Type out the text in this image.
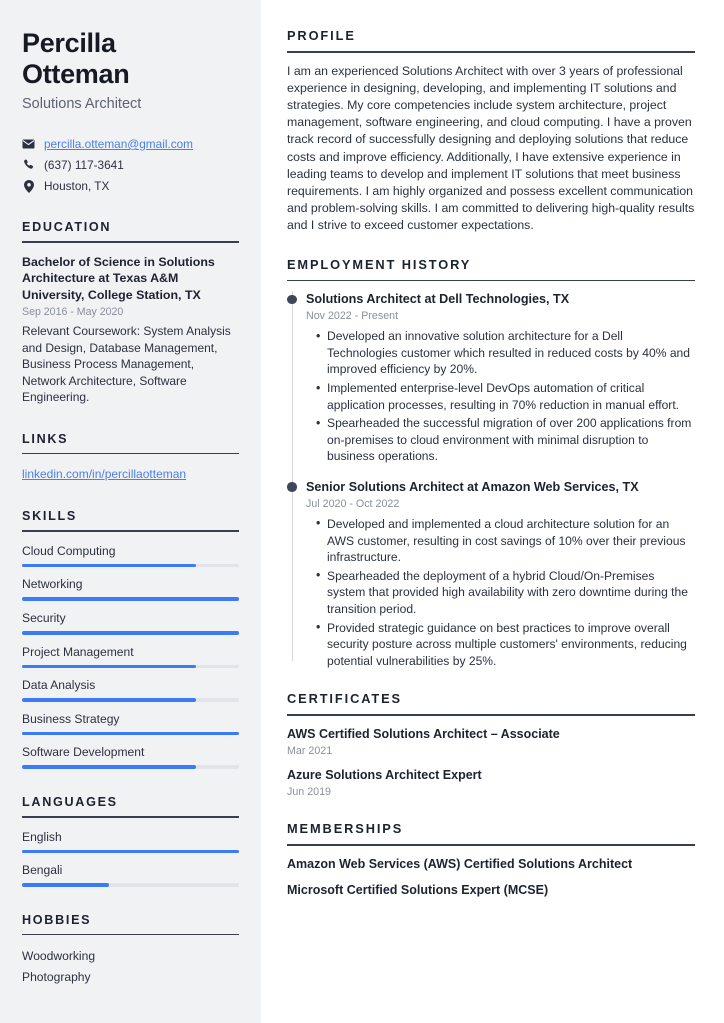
Percilla
Otteman
Solutions Architect
percilla.otteman@gmail.com
(637) 117-3641
Houston, TX
EDUCATION
Bachelor of Science in Solutions Architecture at Texas A&M University, College Station, TX
Sep 2016 - May 2020
Relevant Coursework: System Analysis and Design, Database Management, Business Process Management, Network Architecture, Software Engineering.
LINKS
linkedin.com/in/percillaotteman
SKILLS
Cloud Computing
Networking
Security
Project Management
Data Analysis
Business Strategy
Software Development
LANGUAGES
English
Bengali
HOBBIES
Woodworking
Photography
PROFILE

I am an experienced Solutions Architect with over 3 years of professional experience in designing, developing, and implementing IT solutions and strategies. My core competencies include system architecture, project management, software engineering, and cloud computing. I have a proven track record of successfully designing and deploying solutions that reduce costs and improve efficiency. Additionally, I have extensive experience in leading teams to develop and implement IT solutions that meet business requirements. I am highly organized and possess excellent communication and problem-solving skills. I am committed to delivering high-quality results and I strive to exceed customer expectations.

EMPLOYMENT HISTORY
Solutions Architect at Dell Technologies, TX
Nov 2022 - Present
• Developed an innovative solution architecture for a Dell Technologies customer which resulted in reduced costs by 40% and improved efficiency by 20%.
• Implemented enterprise-level DevOps automation of critical application processes, resulting in 70% reduction in manual effort.
• Spearheaded the successful migration of over 200 applications from on-premises to cloud environment with minimal disruption to business operations.
Senior Solutions Architect at Amazon Web Services, TX
Jul 2020 - Oct 2022
• Developed and implemented a cloud architecture solution for an AWS customer, resulting in cost savings of 10% over their previous infrastructure.
• Spearheaded the deployment of a hybrid Cloud/On-Premises system that provided high availability with zero downtime during the transition period.
• Provided strategic guidance on best practices to improve overall security posture across multiple customers' environments, reducing potential vulnerabilities by 25%.
CERTIFICATES
AWS Certified Solutions Architect – Associate
Mar 2021
Azure Solutions Architect Expert
Jun 2019
MEMBERSHIPS
Amazon Web Services (AWS) Certified Solutions Architect
Microsoft Certified Solutions Expert (MCSE)
